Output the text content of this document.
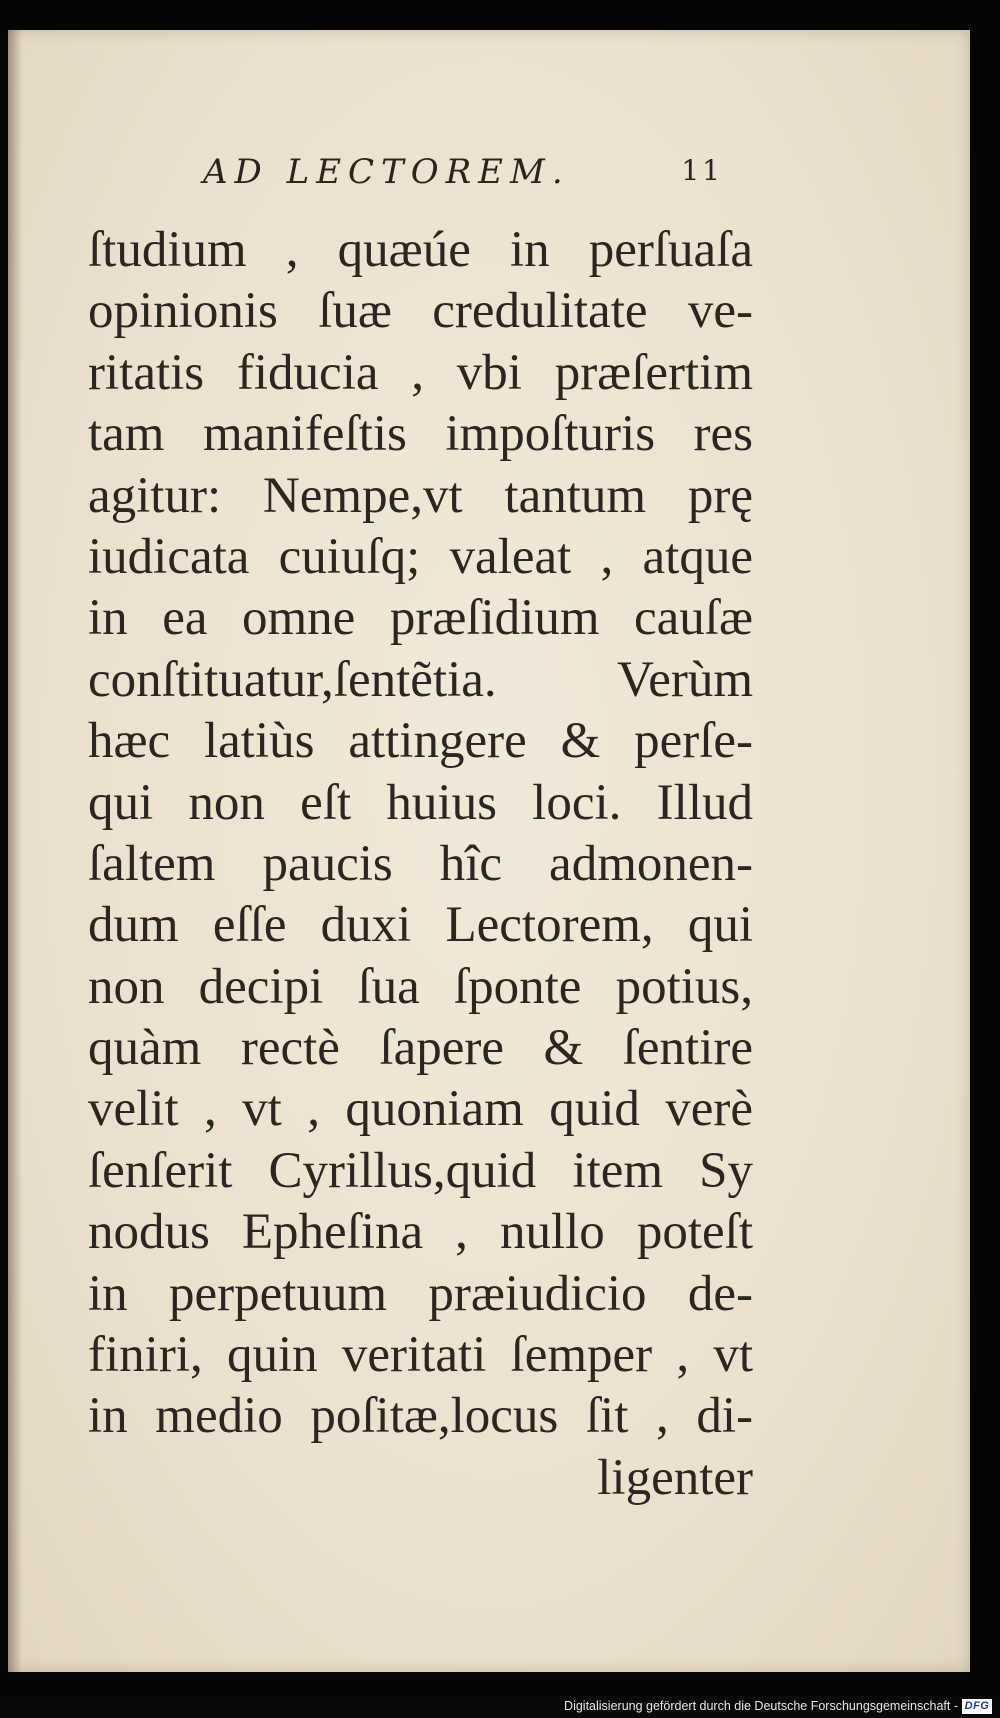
AD LECTOREM.	11
ſtudium , quæúe in perſuaſa
opinionis ſuæ credulitate ve-
ritatis fiducia , vbi præſertim
tam manifeſtis impoſturis res
agitur: Nempe,vt tantum prę
iudicata cuiuſq; valeat , atque
in ea omne præſidium cauſæ
conſtituatur,ſentẽtia. Verùm
hæc latiùs attingere & perſe-
qui non eſt huius loci. Illud
ſaltem paucis hîc admonen-
dum eſſe duxi Lectorem, qui
non decipi ſua ſponte potius,
quàm rectè ſapere & ſentire
velit , vt , quoniam quid verè
ſenſerit Cyrillus,quid item Sy
nodus Epheſina , nullo poteſt
in perpetuum præiudicio de-
finiri, quin veritati ſemper , vt
in medio poſitæ,locus ſit , di-
ligenter
Digitalisierung gefördert durch die Deutsche Forschungsgemeinschaft - DFG
